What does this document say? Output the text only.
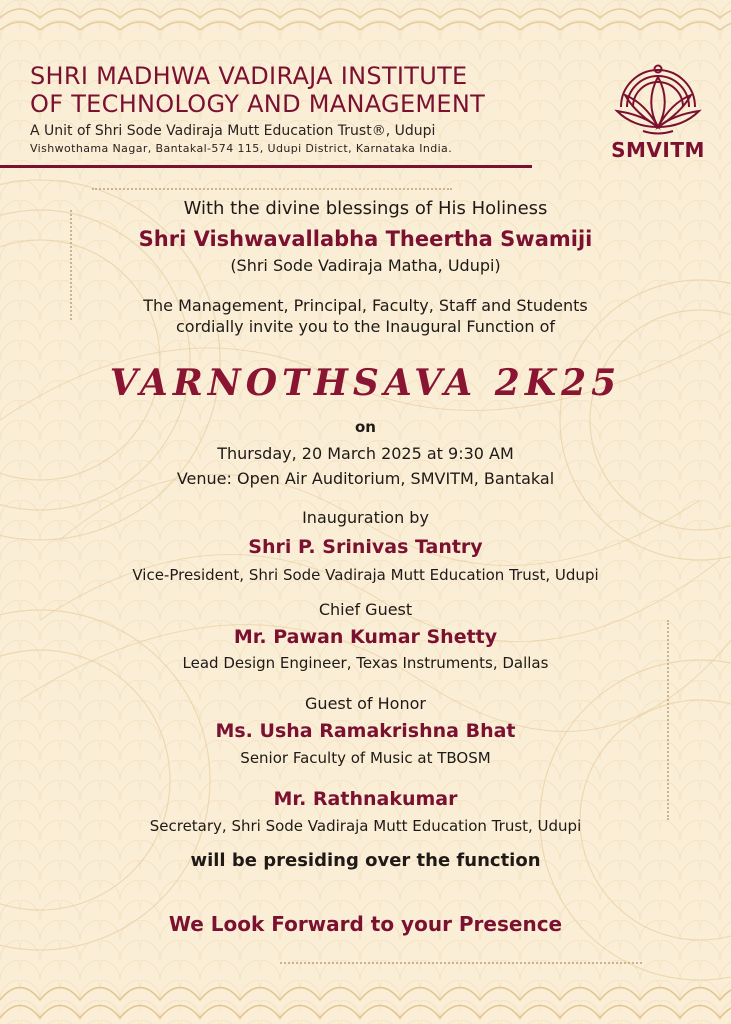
SHRI MADHWA VADIRAJA INSTITUTE
OF TECHNOLOGY AND MANAGEMENT
A Unit of Shri Sode Vadiraja Mutt Education Trust®, Udupi
Vishwothama Nagar, Bantakal-574 115, Udupi District, Karnataka India.	SMVITM

With the divine blessings of His Holiness

Shri Vishwavallabha Theertha Swamiji

(Shri Sode Vadiraja Matha, Udupi)

The Management, Principal, Faculty, Staff and Students

cordially invite you to the Inaugural Function of

VARNOTHSAVA 2K25

on

Thursday, 20 March 2025 at 9:30 AM

Venue: Open Air Auditorium, SMVITM, Bantakal

Inauguration by

Shri P. Srinivas Tantry

Vice-President, Shri Sode Vadiraja Mutt Education Trust, Udupi

Chief Guest

Mr. Pawan Kumar Shetty

Lead Design Engineer, Texas Instruments, Dallas

Guest of Honor

Ms. Usha Ramakrishna Bhat

Senior Faculty of Music at TBOSM

Mr. Rathnakumar

Secretary, Shri Sode Vadiraja Mutt Education Trust, Udupi

will be presiding over the function

We Look Forward to your Presence
